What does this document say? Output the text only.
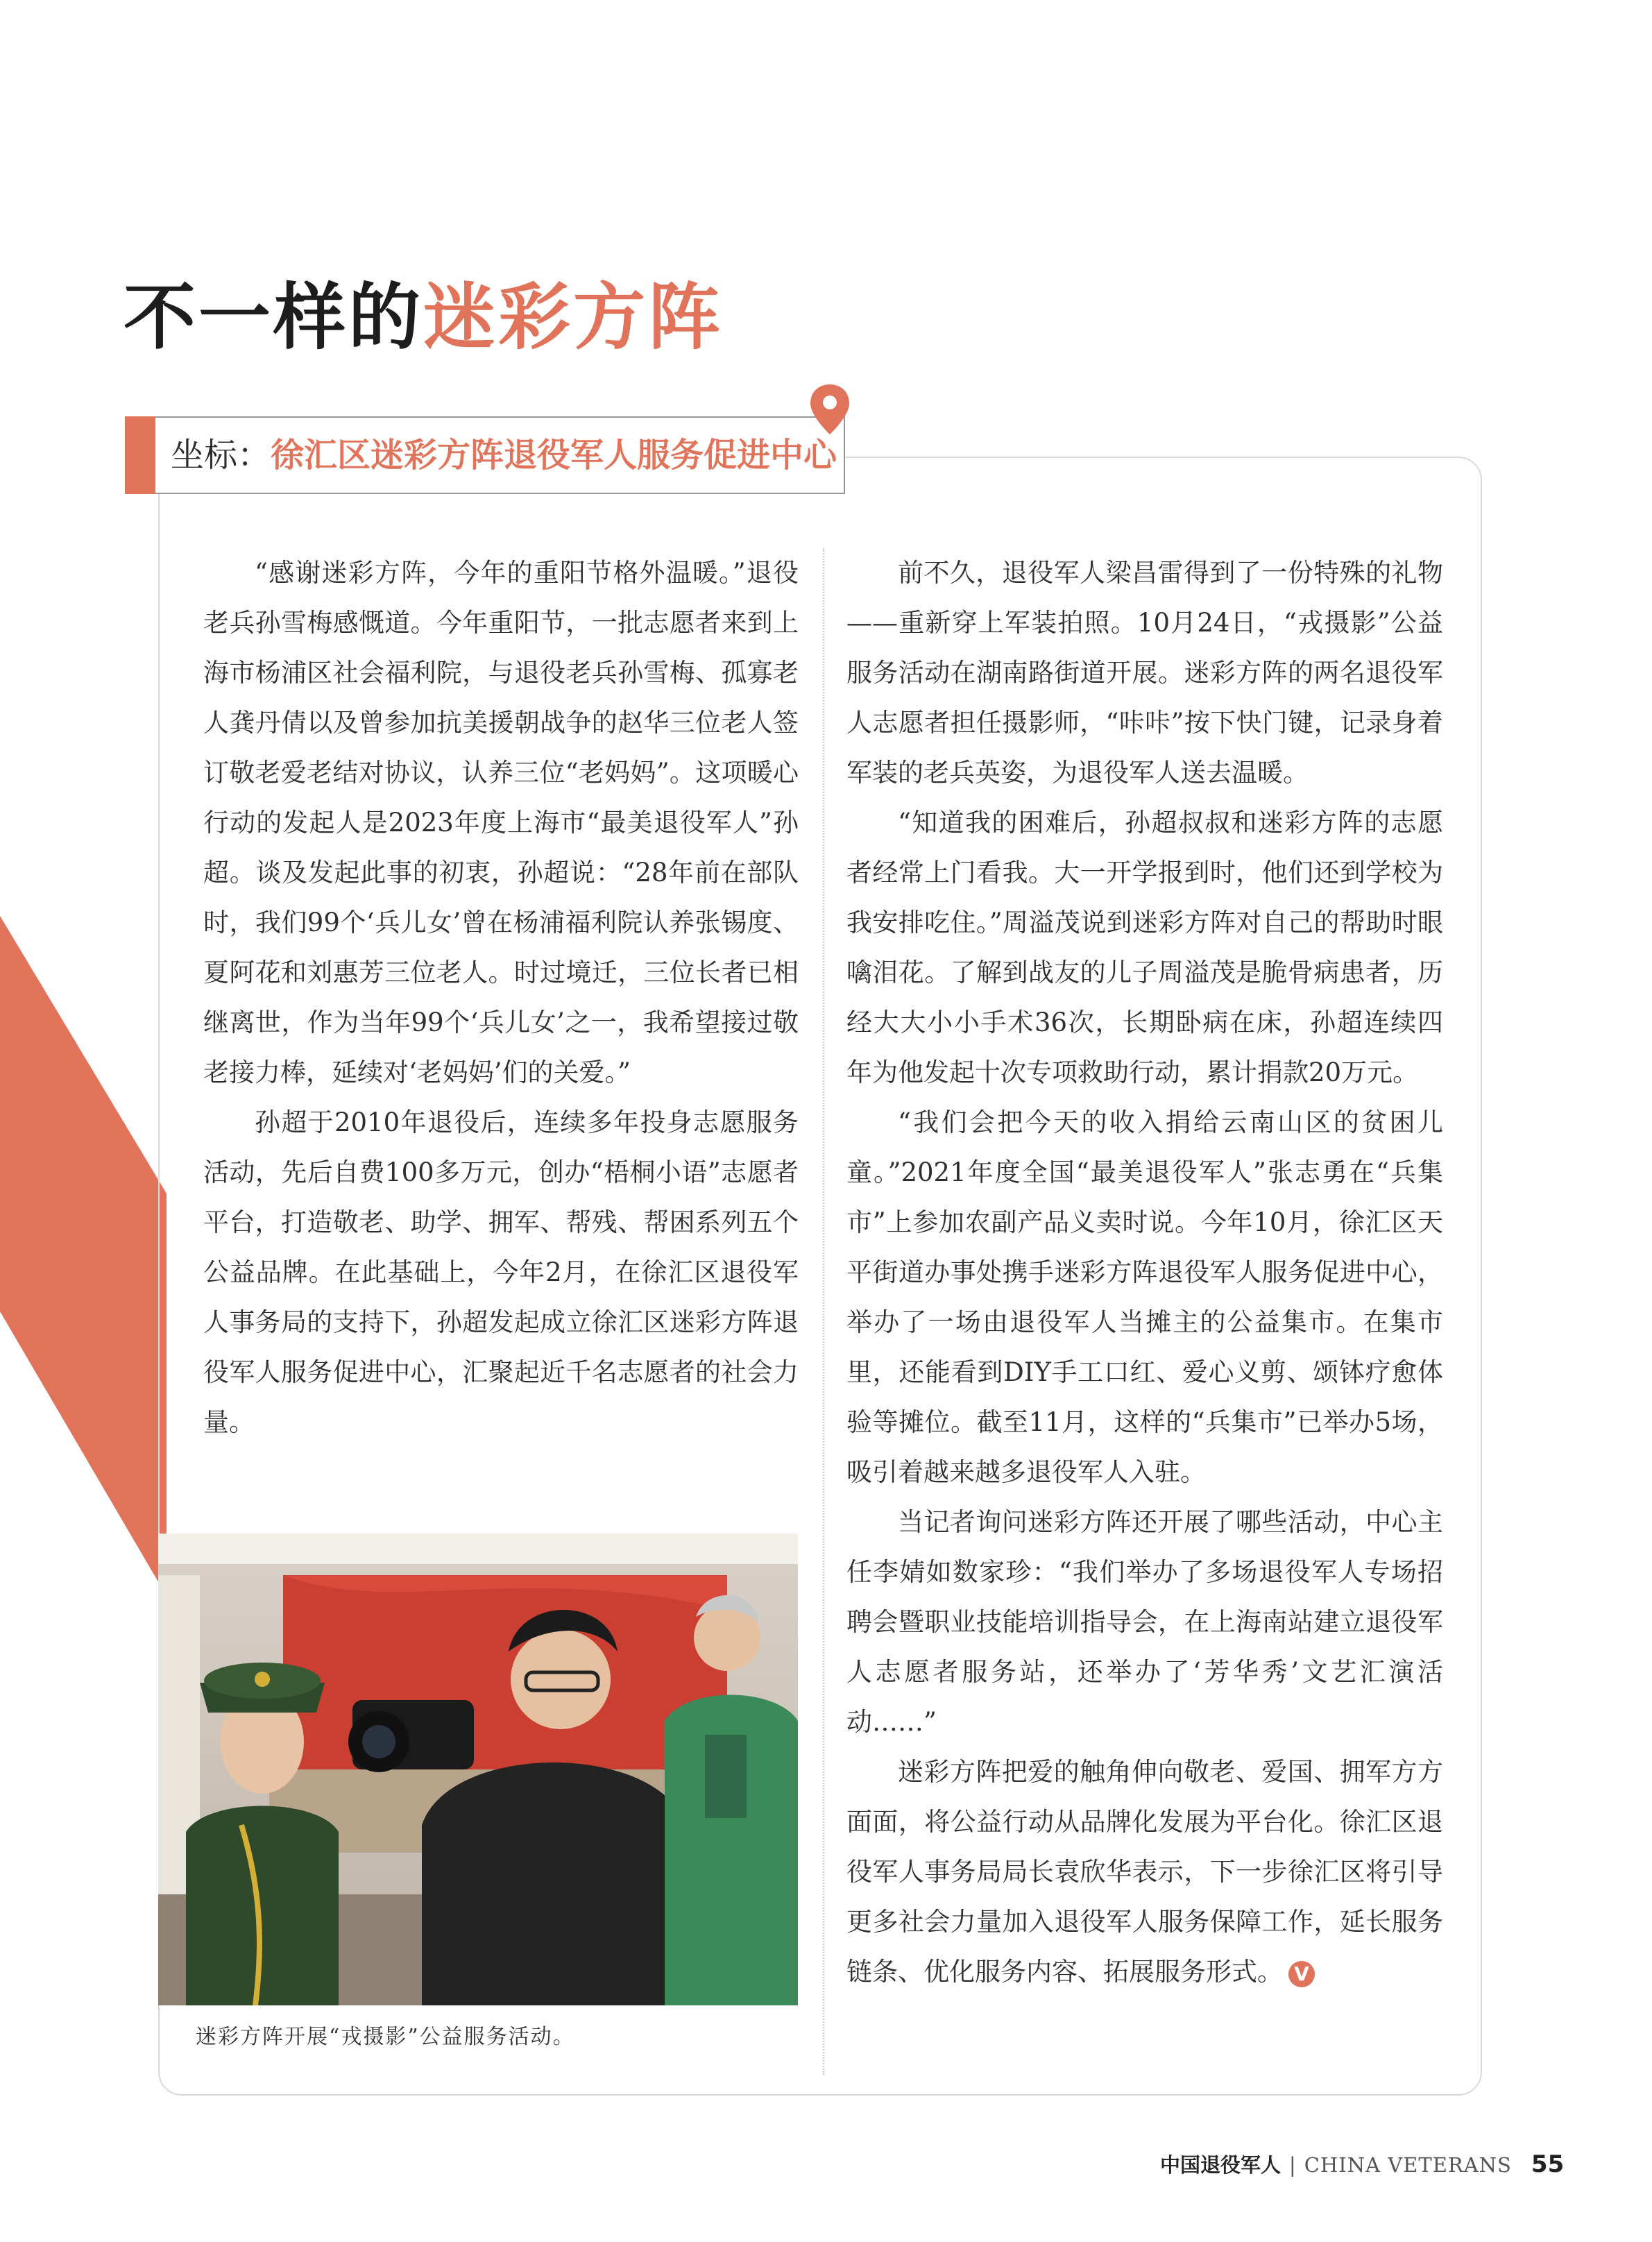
不一样的迷彩方阵
坐标：徐汇区迷彩方阵退役军人服务促进中心

“感谢迷彩方阵，今年的重阳节格外温暖。”退役老兵孙雪梅感慨道。今年重阳节，一批志愿者来到上海市杨浦区社会福利院，与退役老兵孙雪梅、孤寡老人龚丹倩以及曾参加抗美援朝战争的赵华三位老人签订敬老爱老结对协议，认养三位“老妈妈”。这项暖心行动的发起人是2023年度上海市“最美退役军人”孙超。谈及发起此事的初衷，孙超说：“28年前在部队时，我们99个‘兵儿女’曾在杨浦福利院认养张锡度、夏阿花和刘惠芳三位老人。时过境迁，三位长者已相继离世，作为当年99个‘兵儿女’之一，我希望接过敬老接力棒，延续对‘老妈妈’们的关爱。”

孙超于2010年退役后，连续多年投身志愿服务活动，先后自费100多万元，创办“梧桐小语”志愿者平台，打造敬老、助学、拥军、帮残、帮困系列五个公益品牌。在此基础上，今年2月，在徐汇区退役军人事务局的支持下，孙超发起成立徐汇区迷彩方阵退役军人服务促进中心，汇聚起近千名志愿者的社会力量。

前不久，退役军人梁昌雷得到了一份特殊的礼物——重新穿上军装拍照。10月24日，“戎摄影”公益服务活动在湖南路街道开展。迷彩方阵的两名退役军人志愿者担任摄影师，“咔咔”按下快门键，记录身着军装的老兵英姿，为退役军人送去温暖。

“知道我的困难后，孙超叔叔和迷彩方阵的志愿者经常上门看我。大一开学报到时，他们还到学校为我安排吃住。”周溢茂说到迷彩方阵对自己的帮助时眼噙泪花。了解到战友的儿子周溢茂是脆骨病患者，历经大大小小手术36次，长期卧病在床，孙超连续四年为他发起十次专项救助行动，累计捐款20万元。

“我们会把今天的收入捐给云南山区的贫困儿童。”2021年度全国“最美退役军人”张志勇在“兵集市”上参加农副产品义卖时说。今年10月，徐汇区天平街道办事处携手迷彩方阵退役军人服务促进中心，举办了一场由退役军人当摊主的公益集市。在集市里，还能看到DIY手工口红、爱心义剪、颂钵疗愈体验等摊位。截至11月，这样的“兵集市”已举办5场，吸引着越来越多退役军人入驻。

当记者询问迷彩方阵还开展了哪些活动，中心主任李婧如数家珍：“我们举办了多场退役军人专场招聘会暨职业技能培训指导会，在上海南站建立退役军人志愿者服务站，还举办了‘芳华秀’文艺汇演活动……”

迷彩方阵把爱的触角伸向敬老、爱国、拥军方方面面，将公益行动从品牌化发展为平台化。徐汇区退役军人事务局局长袁欣华表示，下一步徐汇区将引导更多社会力量加入退役军人服务保障工作，延长服务链条、优化服务内容、拓展服务形式。 V

迷彩方阵开展“戎摄影”公益服务活动。
中国退役军人 | CHINA VETERANS 55
